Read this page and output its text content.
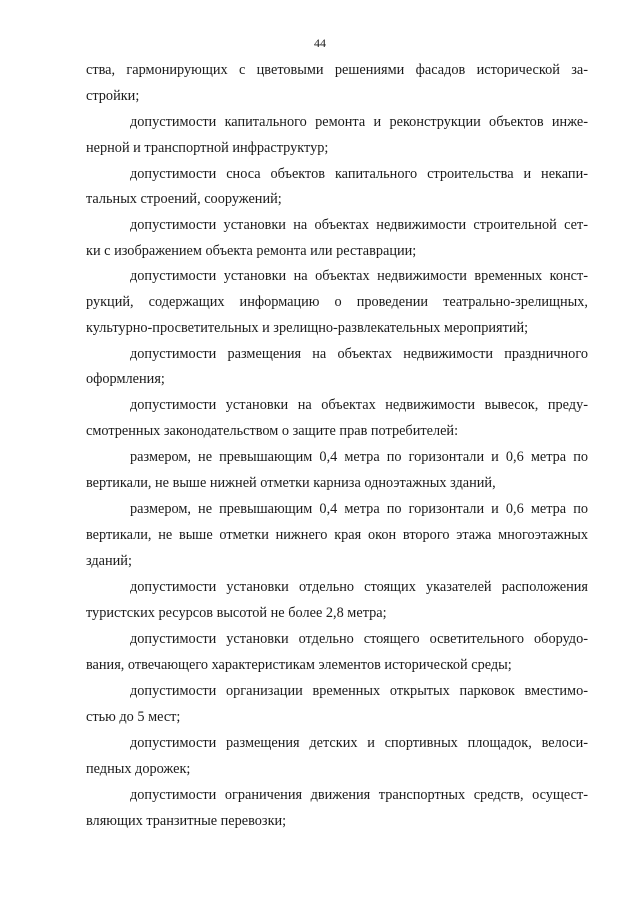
44
ства, гармонирующих с цветовыми решениями фасадов исторической за-
стройки;
допустимости капитального ремонта и реконструкции объектов инже-
нерной и транспортной инфраструктур;
допустимости сноса объектов капитального строительства и некапи-
тальных строений, сооружений;
допустимости установки на объектах недвижимости строительной сет-
ки с изображением объекта ремонта или реставрации;
допустимости установки на объектах недвижимости временных конст-
рукций, содержащих информацию о проведении театрально-зрелищных,
культурно-просветительных и зрелищно-развлекательных мероприятий;
допустимости размещения на объектах недвижимости праздничного
оформления;
допустимости установки на объектах недвижимости вывесок, преду-
смотренных законодательством о защите прав потребителей:
размером, не превышающим 0,4 метра по горизонтали и 0,6 метра по
вертикали, не выше нижней отметки карниза одноэтажных зданий,
размером, не превышающим 0,4 метра по горизонтали и 0,6 метра по
вертикали, не выше отметки нижнего края окон второго этажа многоэтажных
зданий;
допустимости установки отдельно стоящих указателей расположения
туристских ресурсов высотой не более 2,8 метра;
допустимости установки отдельно стоящего осветительного оборудо-
вания, отвечающего характеристикам элементов исторической среды;
допустимости организации временных открытых парковок вместимо-
стью до 5 мест;
допустимости размещения детских и спортивных площадок, велоси-
педных дорожек;
допустимости ограничения движения транспортных средств, осущест-
вляющих транзитные перевозки;
